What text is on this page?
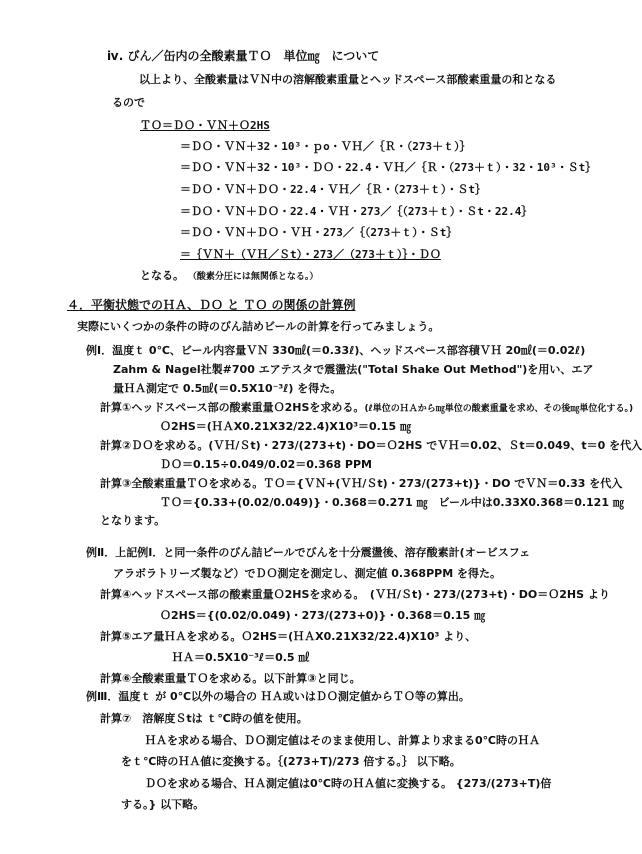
ⅳ. びん／缶内の全酸素量ＴＯ　単位㎎　について
以上より、全酸素量はＶＮ中の溶解酸素重量とヘッドスペース部酸素重量の和となる
るので
ＴＯ＝ＤＯ・ＶＮ＋Ｏ2HS
＝ＤＯ・ＶＮ＋32・10³・ｐo・ＶＨ／｛Ｒ・（273＋ｔ）｝
＝ＤＯ・ＶＮ＋32・10³・ＤＯ・22.4・ＶＨ／｛Ｒ・（273＋ｔ）・32・10³・Ｓt｝
＝ＤＯ・ＶＮ＋ＤＯ・22.4・ＶＨ／｛Ｒ・（273＋ｔ）・Ｓt｝
＝ＤＯ・ＶＮ＋ＤＯ・22.4・ＶＨ・273／｛（273＋ｔ）・Ｓt・22.4｝
＝ＤＯ・ＶＮ＋ＤＯ・ＶＨ・273／｛（273＋ｔ）・Ｓt｝
＝｛ＶＮ＋（ＶＨ／Ｓt）・273／（273＋ｔ）｝・ＤＯ
となる。 （酸素分圧には無関係となる。）
４．平衡状態でのＨＡ、ＤＯ と ＴＯ の関係の計算例
実際にいくつかの条件の時のびん詰めビールの計算を行ってみましょう。
例Ⅰ．温度ｔ 0℃、ビール内容量ＶＮ 330㎖(＝0.33ℓ)、ヘッドスペース部容積ＶＨ 20㎖(＝0.02ℓ)
Zahm & Nagel社製#700 エアテスタで震盪法("Total Shake Out Method")を用い、エア
量ＨＡ測定で 0.5㎖(＝0.5X10⁻³ℓ) を得た。
計算①ヘッドスペース部の酸素重量Ｏ2HSを求める。(ℓ単位のＨＡから㎎単位の酸素重量を求め、その後㎎単位化する。)
Ｏ2HS＝(ＨＡX0.21X32/22.4)X10³＝0.15 ㎎
計算②ＤＯを求める。(ＶＨ/Ｓt)・273/(273+t)・DO＝Ｏ2HS でＶＨ＝0.02、Ｓt＝0.049、t＝0 を代入
ＤＯ＝0.15÷0.049/0.02＝0.368 PPM
計算③全酸素重量ＴＯを求める。ＴＯ＝{ＶＮ+(ＶＨ/Ｓt)・273/(273+t)}・DO でＶＮ＝0.33 を代入
ＴＯ＝{0.33+(0.02/0.049)}・0.368＝0.271 ㎎　ビール中は0.33X0.368＝0.121 ㎎
となります。
例Ⅱ．上記例Ⅰ．と同一条件のびん詰ビールでびんを十分震盪後、溶存酸素計(オービスフェ
アラボラトリーズ製など）でＤＯ測定を測定し、測定値 0.368PPM を得た。
計算④ヘッドスペース部の酸素重量Ｏ2HSを求める。　(ＶＨ/Ｓt)・273/(273+t)・DO＝Ｏ2HS より
Ｏ2HS＝{(0.02/0.049)・273/(273+0)}・0.368＝0.15 ㎎
計算⑤エア量ＨＡを求める。Ｏ2HS＝(ＨＡX0.21X32/22.4)X10³ より、
ＨＡ＝0.5X10⁻³ℓ＝0.5 ㎖
計算⑥全酸素重量ＴＯを求める。以下計算③と同じ。
例Ⅲ．温度ｔ が 0℃以外の場合の ＨＡ或いはＤＯ測定値からＴＯ等の算出。
計算⑦　溶解度Ｓtは ｔ℃時の値を使用。
ＨＡを求める場合、ＤＯ測定値はそのまま使用し、計算より求まる0℃時のＨＡ
をｔ℃時のＨＡ値に変換する。｛(273+T)/273 倍する。｝ 以下略。
ＤＯを求める場合、ＨＡ測定値は0℃時のＨＡ値に変換する。 {273/(273+T)倍
する。} 以下略。
